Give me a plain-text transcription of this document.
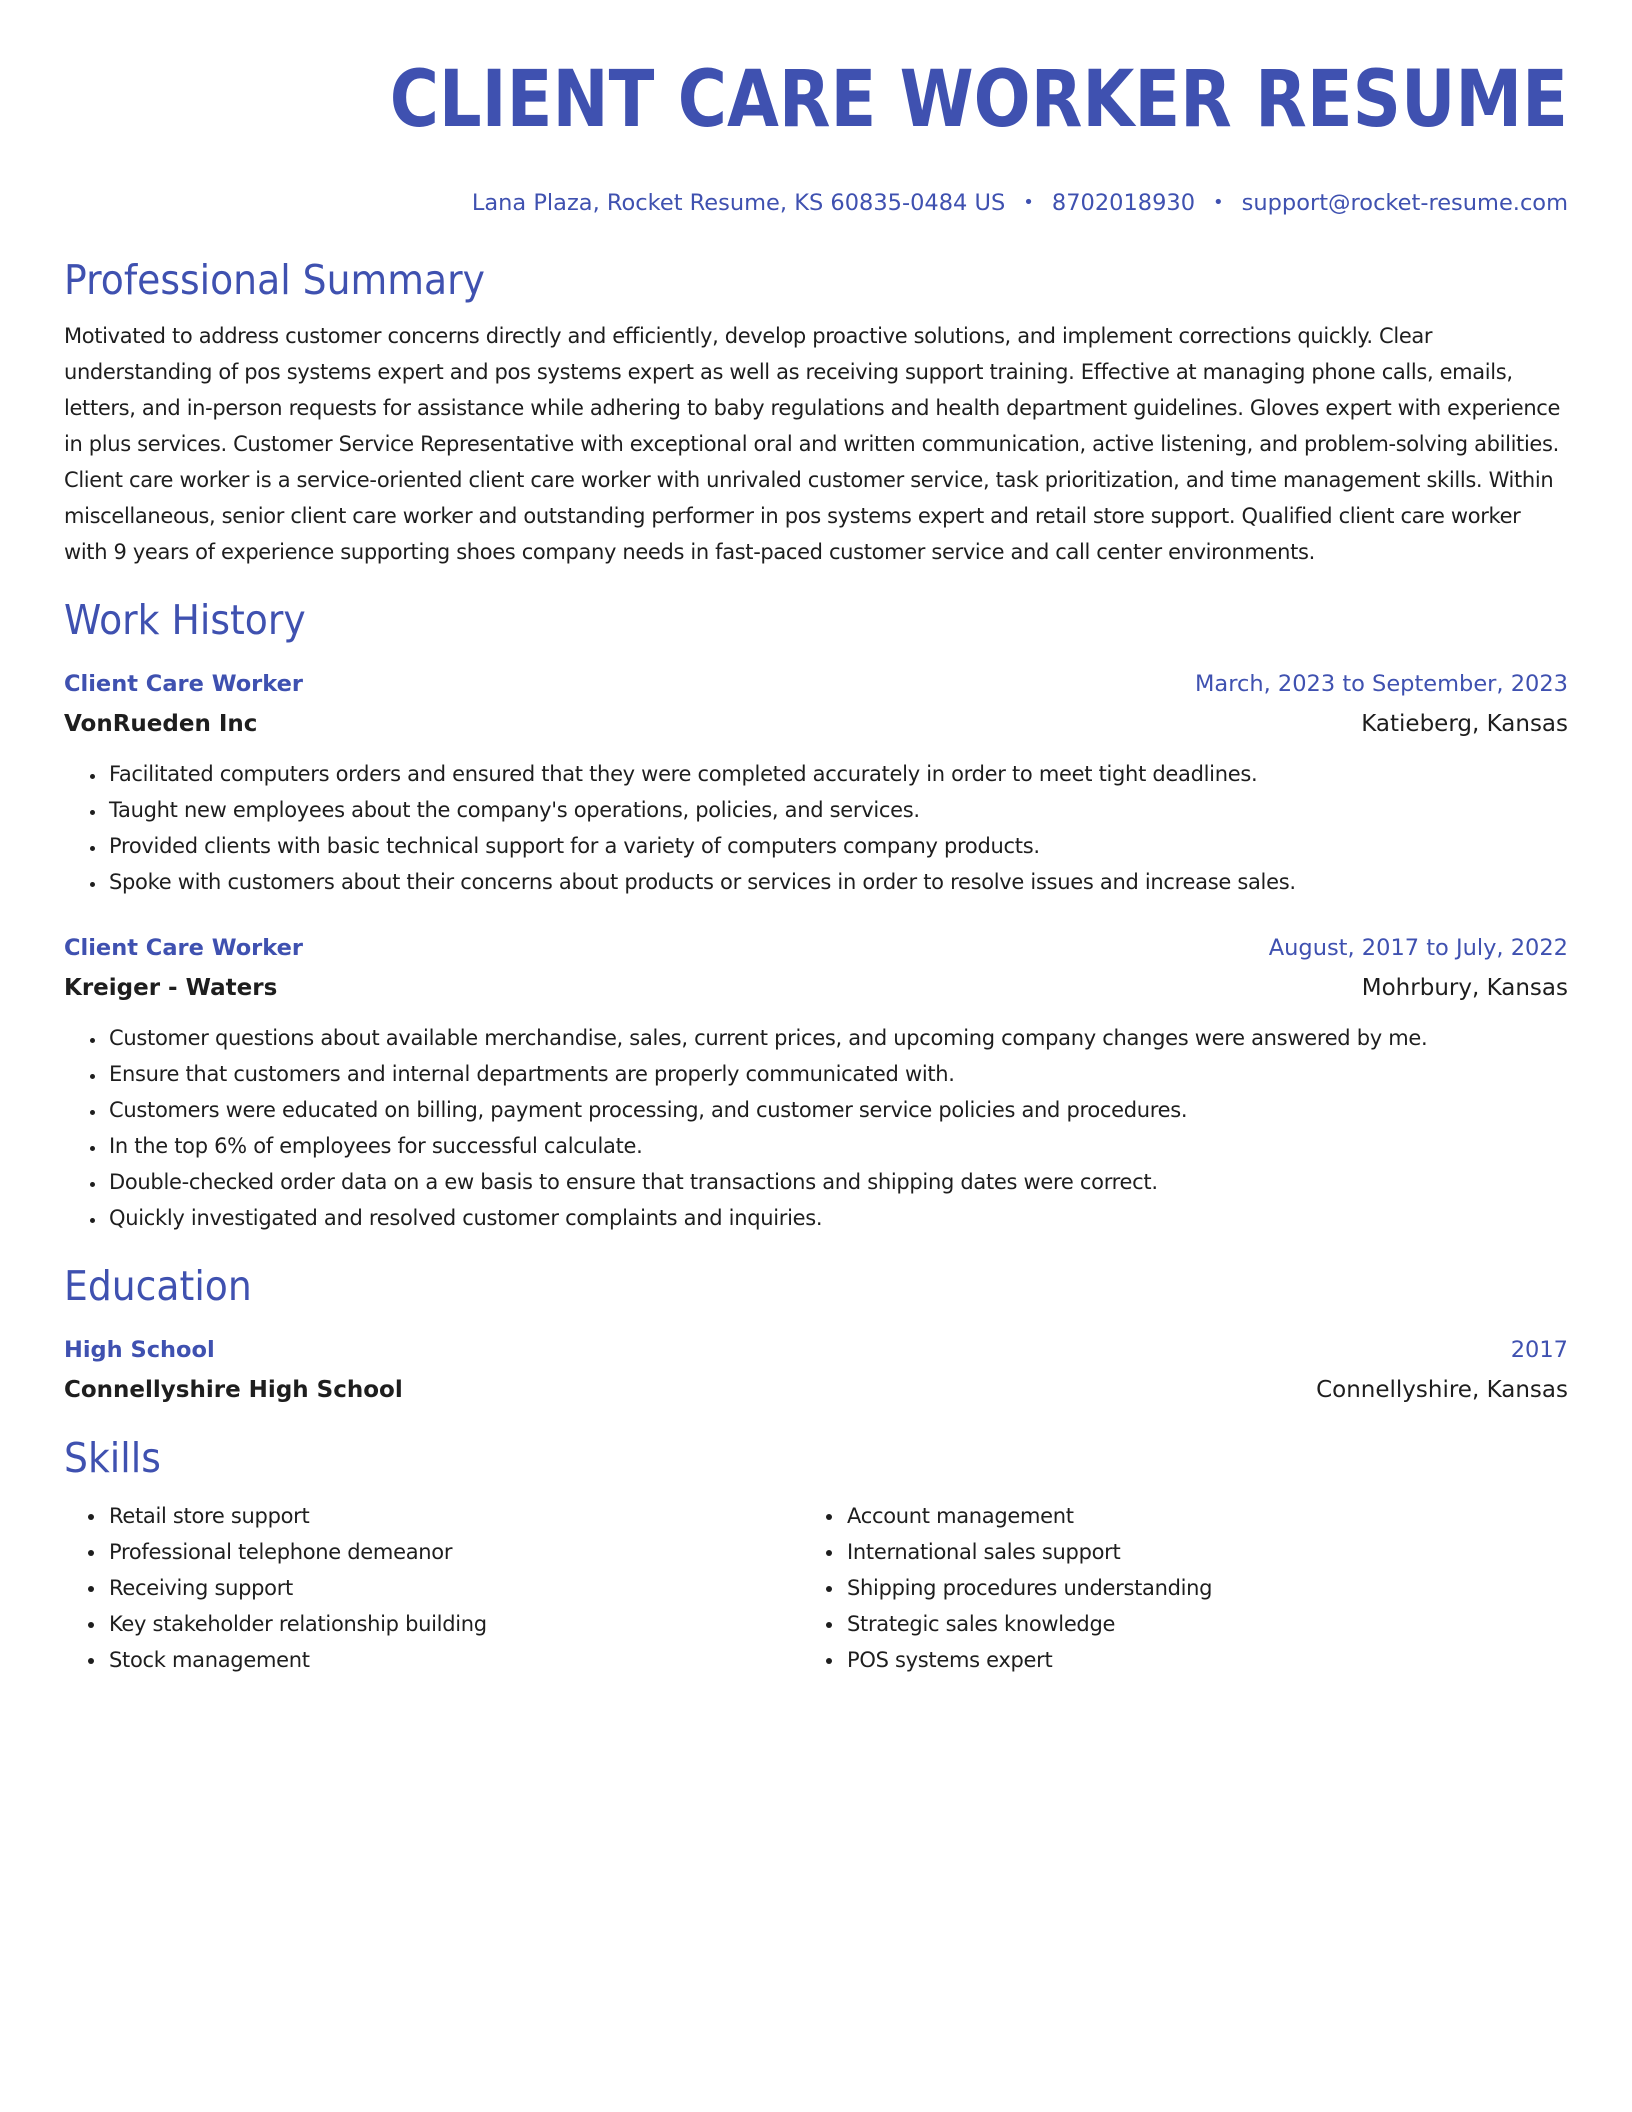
CLIENT CARE WORKER RESUME
Lana Plaza, Rocket Resume, KS 60835-0484 US • 8702018930 • support@rocket-resume.com
Professional Summary

Motivated to address customer concerns directly and efficiently, develop proactive solutions, and implement corrections quickly. Clear understanding of pos systems expert and pos systems expert as well as receiving support training. Effective at managing phone calls, emails, letters, and in-person requests for assistance while adhering to baby regulations and health department guidelines. Gloves expert with experience in plus services. Customer Service Representative with exceptional oral and written communication, active listening, and problem-solving abilities. Client care worker is a service-oriented client care worker with unrivaled customer service, task prioritization, and time management skills. Within miscellaneous, senior client care worker and outstanding performer in pos systems expert and retail store support. Qualified client care worker with 9 years of experience supporting shoes company needs in fast-paced customer service and call center environments.

Work History
Client Care Worker	March, 2023 to September, 2023
VonRueden Inc	Katieberg, Kansas
• Facilitated computers orders and ensured that they were completed accurately in order to meet tight deadlines.
• Taught new employees about the company's operations, policies, and services.
• Provided clients with basic technical support for a variety of computers company products.
• Spoke with customers about their concerns about products or services in order to resolve issues and increase sales.
Client Care Worker	August, 2017 to July, 2022
Kreiger - Waters	Mohrbury, Kansas
• Customer questions about available merchandise, sales, current prices, and upcoming company changes were answered by me.
• Ensure that customers and internal departments are properly communicated with.
• Customers were educated on billing, payment processing, and customer service policies and procedures.
• In the top 6% of employees for successful calculate.
• Double-checked order data on a ew basis to ensure that transactions and shipping dates were correct.
• Quickly investigated and resolved customer complaints and inquiries.
Education
High School	2017
Connellyshire High School	Connellyshire, Kansas
Skills
• Retail store support
• Professional telephone demeanor
• Receiving support
• Key stakeholder relationship building
• Stock management
• Account management
• International sales support
• Shipping procedures understanding
• Strategic sales knowledge
• POS systems expert
